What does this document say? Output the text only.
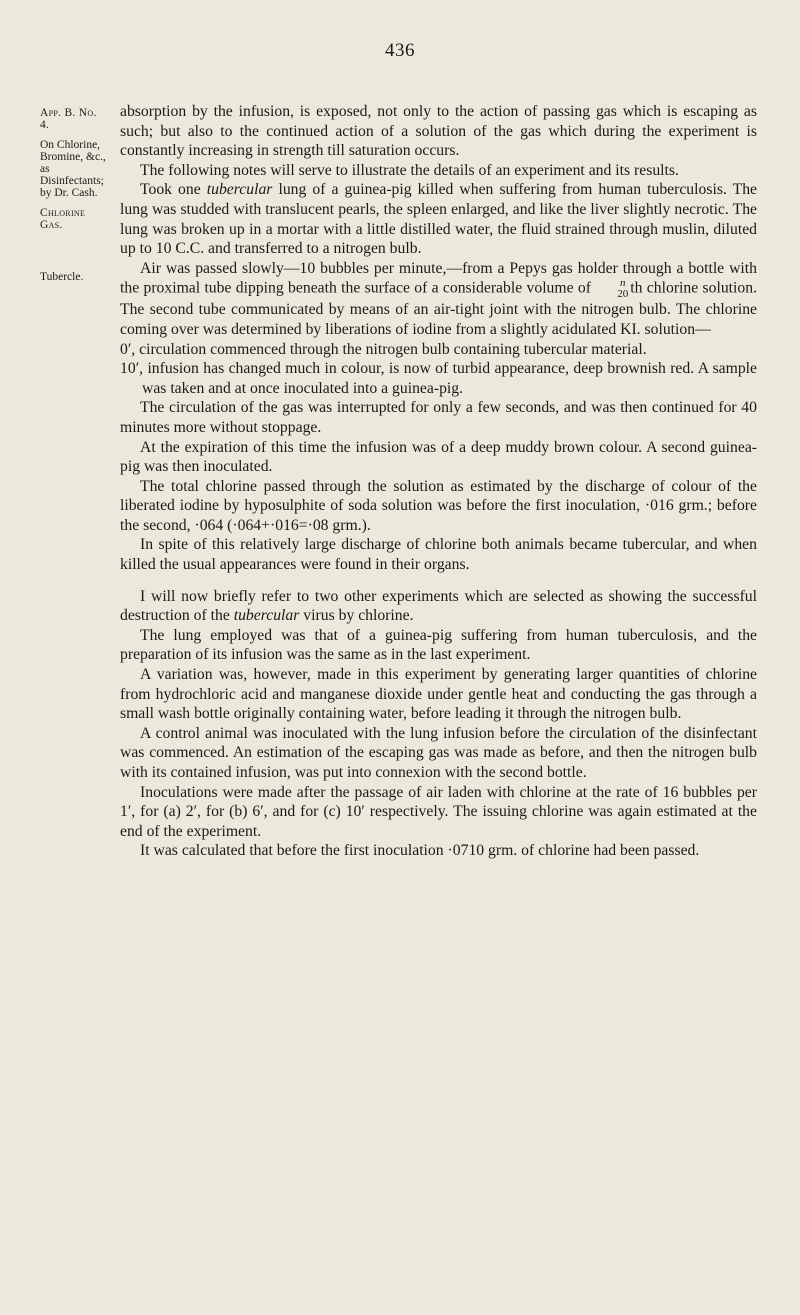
436

App. B. No. 4.

On Chlorine,

Bromine, &c., as

Disinfectants;

by Dr. Cash.

Chlorine Gas.

Tubercle.

absorption by the infusion, is exposed, not only to the action of passing gas which is escaping as such; but also to the continued action of a solution of the gas which during the experiment is constantly increasing in strength till saturation occurs.

The following notes will serve to illustrate the details of an experiment and its results.

Took one tubercular lung of a guinea-pig killed when suffering from human tuberculosis. The lung was studded with translucent pearls, the spleen enlarged, and like the liver slightly necrotic. The lung was broken up in a mortar with a little distilled water, the fluid strained through muslin, diluted up to 10 C.C. and transferred to a nitrogen bulb.

Air was passed slowly—10 bubbles per minute,—from a Pepys gas holder through a bottle with the proximal tube dipping beneath the surface of a considerable volume of	n
20 th chlorine solution. The second tube communicated by means of an air-tight joint with the nitrogen bulb. The chlorine coming over was determined by liberations of iodine from a slightly acidulated KI. solution—

0′, circulation commenced through the nitrogen bulb containing tubercular material.

10′, infusion has changed much in colour, is now of turbid appearance, deep brownish red. A sample was taken and at once inoculated into a guinea-pig.

The circulation of the gas was interrupted for only a few seconds, and was then continued for 40 minutes more without stoppage.

At the expiration of this time the infusion was of a deep muddy brown colour. A second guinea-pig was then inoculated.

The total chlorine passed through the solution as estimated by the discharge of colour of the liberated iodine by hyposulphite of soda solution was before the first inoculation, ·016 grm.; before the second, ·064 (·064+·016=·08 grm.).

In spite of this relatively large discharge of chlorine both animals became tubercular, and when killed the usual appearances were found in their organs.

I will now briefly refer to two other experiments which are selected as showing the successful destruction of the tubercular virus by chlorine.

The lung employed was that of a guinea-pig suffering from human tuberculosis, and the preparation of its infusion was the same as in the last experiment.

A variation was, however, made in this experiment by generating larger quantities of chlorine from hydrochloric acid and manganese dioxide under gentle heat and conducting the gas through a small wash bottle originally containing water, before leading it through the nitrogen bulb.

A control animal was inoculated with the lung infusion before the circulation of the disinfectant was commenced. An estimation of the escaping gas was made as before, and then the nitrogen bulb with its contained infusion, was put into connexion with the second bottle.

Inoculations were made after the passage of air laden with chlorine at the rate of 16 bubbles per 1′, for (a) 2′, for (b) 6′, and for (c) 10′ respectively. The issuing chlorine was again estimated at the end of the experiment.

It was calculated that before the first inoculation ·0710 grm. of chlorine had been passed.
